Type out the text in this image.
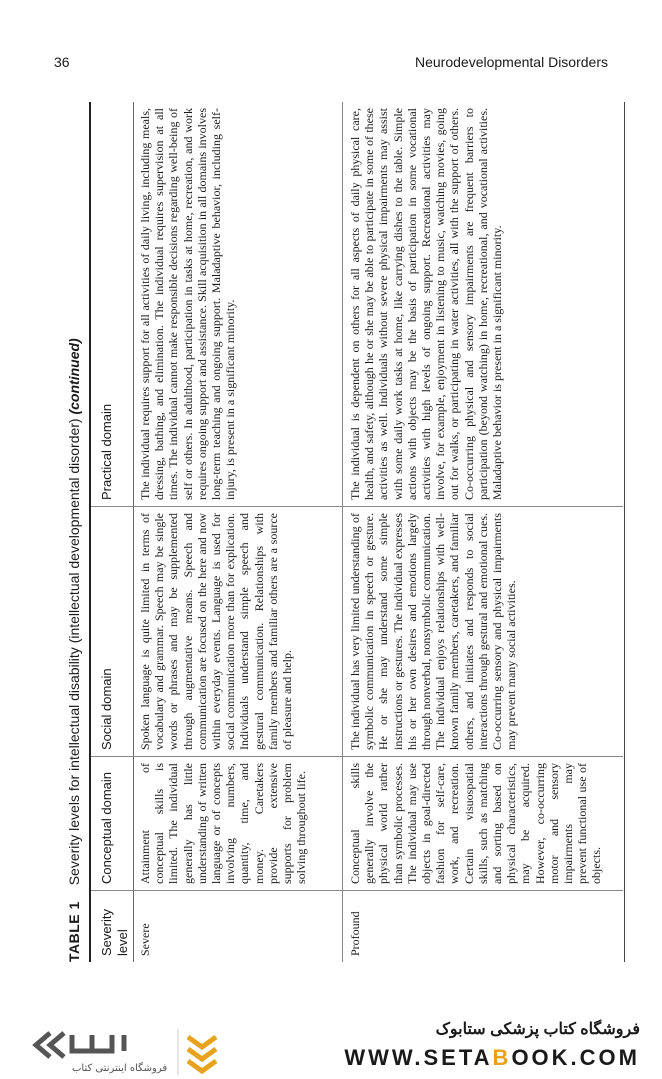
36	Neurodevelopmental Disorders
TABLE 1 Severity levels for intellectual disability (intellectual developmental disorder) (continued)
Severity level
Conceptual domain
Social domain
Practical domain
Severe
Attainment of conceptual skills is limited. The individual generally has little understanding of written language or of concepts involving numbers, quantity, time, and money. Caretakers provide extensive supports for problem solving throughout life.
Spoken language is quite limited in terms of vocabulary and grammar. Speech may be single words or phrases and may be supplemented through augmentative means. Speech and communication are focused on the here and now within everyday events. Language is used for social communication more than for explication. Individuals understand simple speech and gestural communication. Relationships with family members and familiar others are a source of pleasure and help.
The individual requires support for all activities of daily living, including meals, dressing, bathing, and elimination. The individual requires supervision at all times. The individual cannot make responsible decisions regarding well-being of self or others. In adulthood, participation in tasks at home, recreation, and work requires ongoing support and assistance. Skill acquisition in all domains involves long-term teaching and ongoing support. Maladaptive behavior, including self-injury, is present in a significant minority.
Profound
Conceptual skills generally involve the physical world rather than symbolic processes. The individual may use objects in goal-directed fashion for self-care, work, and recreation. Certain visuospatial skills, such as matching and sorting based on physical characteristics, may be acquired. However, co-occurring motor and sensory impairments may prevent functional use of objects.
The individual has very limited understanding of symbolic communication in speech or gesture. He or she may understand some simple instructions or gestures. The individual expresses his or her own desires and emotions largely through nonverbal, nonsymbolic communication. The individual enjoys relationships with well-known family members, caretakers, and familiar others, and initiates and responds to social interactions through gestural and emotional cues. Co-occurring sensory and physical impairments may prevent many social activities.
The individual is dependent on others for all aspects of daily physical care, health, and safety, although he or she may be able to participate in some of these activities as well. Individuals without severe physical impairments may assist with some daily work tasks at home, like carrying dishes to the table. Simple actions with objects may be the basis of participation in some vocational activities with high levels of ongoing support. Recreational activities may involve, for example, enjoyment in listening to music, watching movies, going out for walks, or participating in water activities, all with the support of others. Co-occurring physical and sensory impairments are frequent barriers to participation (beyond watching) in home, recreational, and vocational activities. Maladaptive behavior is present in a significant minority.
فروشگاه اینترنتی کتاب
فروشگاه کتاب پزشکی ستابوک
WWW.SETABOOK.COM
